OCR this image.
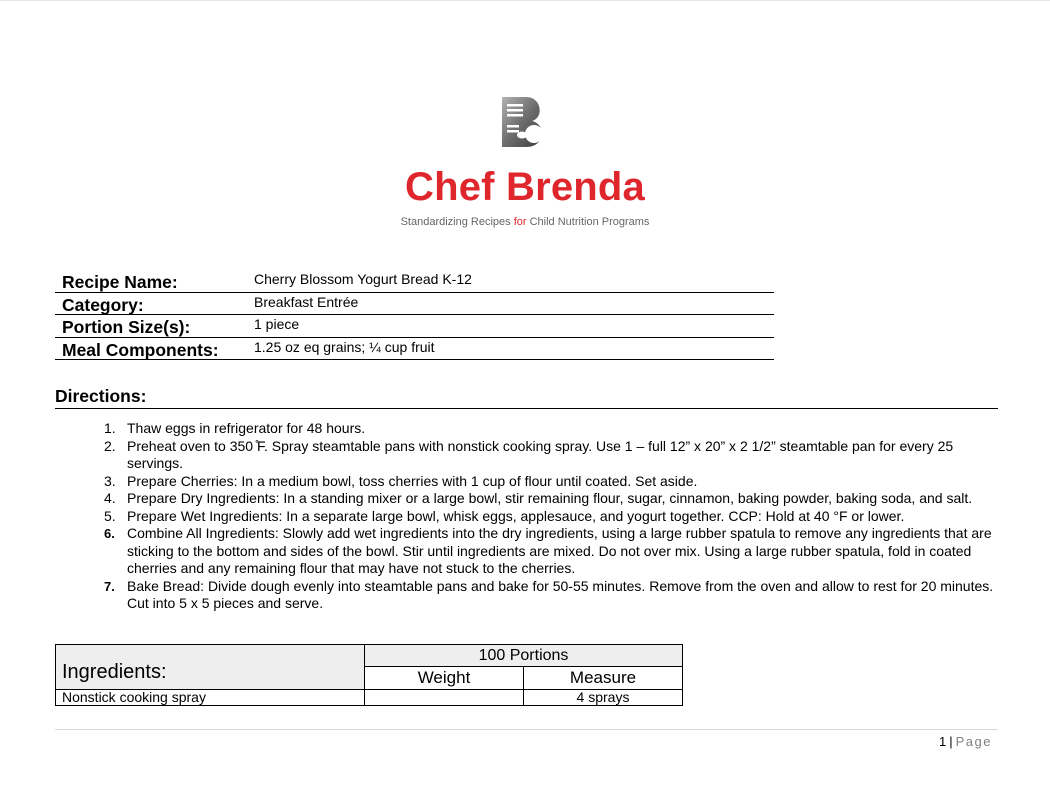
Chef Brenda
Standardizing Recipes for Child Nutrition Programs
Recipe Name:	Cherry Blossom Yogurt Bread K-12
Category:	Breakfast Entrée
Portion Size(s):	1 piece
Meal Components:	1.25 oz eq grains; ¼ cup fruit
Directions:
1. Thaw eggs in refrigerator for 48 hours.
2. Preheat oven to 350 ̊F. Spray steamtable pans with nonstick cooking spray. Use 1 – full 12” x 20” x 2 1/2” steamtable pan for every 25 servings.
3. Prepare Cherries: In a medium bowl, toss cherries with 1 cup of flour until coated. Set aside.
4. Prepare Dry Ingredients: In a standing mixer or a large bowl, stir remaining flour, sugar, cinnamon, baking powder, baking soda, and salt.
5. Prepare Wet Ingredients: In a separate large bowl, whisk eggs, applesauce, and yogurt together. CCP: Hold at 40 °F or lower.
6. Combine All Ingredients: Slowly add wet ingredients into the dry ingredients, using a large rubber spatula to remove any ingredients that are sticking to the bottom and sides of the bowl. Stir until ingredients are mixed. Do not over mix. Using a large rubber spatula, fold in coated cherries and any remaining flour that may have not stuck to the cherries.
7. Bake Bread: Divide dough evenly into steamtable pans and bake for 50-55 minutes. Remove from the oven and allow to rest for 20 minutes. Cut into 5 x 5 pieces and serve.
Ingredients:	100 Portions	
	Weight	Measure
Nonstick cooking spray		4 sprays
1 | Page
